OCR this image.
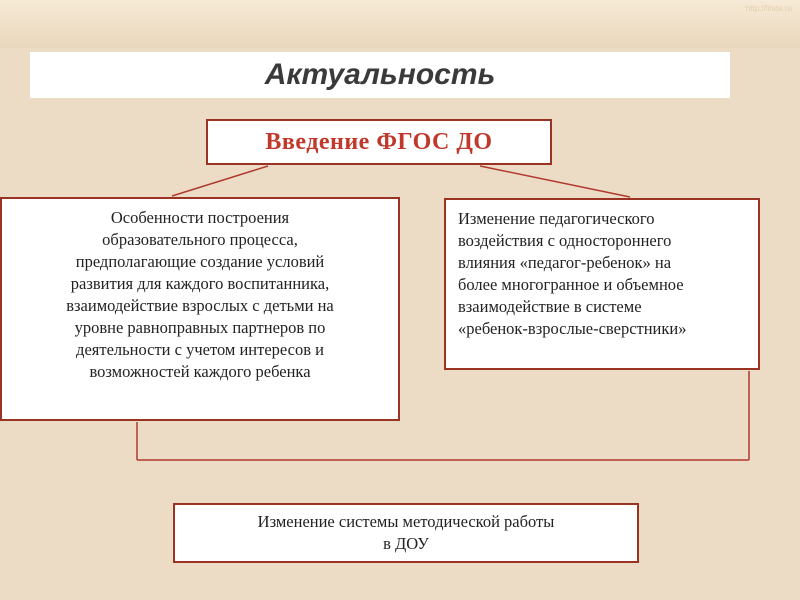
http://linda.ru
Актуальность
Введение ФГОС ДО
Особенности построения
образовательного процесса,
предполагающие создание условий
развития для каждого воспитанника,
взаимодействие взрослых с детьми на
уровне равноправных партнеров по
деятельности с учетом интересов и
возможностей каждого ребенка
Изменение педагогического
воздействия с одностороннего
влияния «педагог-ребенок» на
более многогранное и объемное
взаимодействие в системе
«ребенок-взрослые-сверстники»
Изменение системы методической работы
в ДОУ
